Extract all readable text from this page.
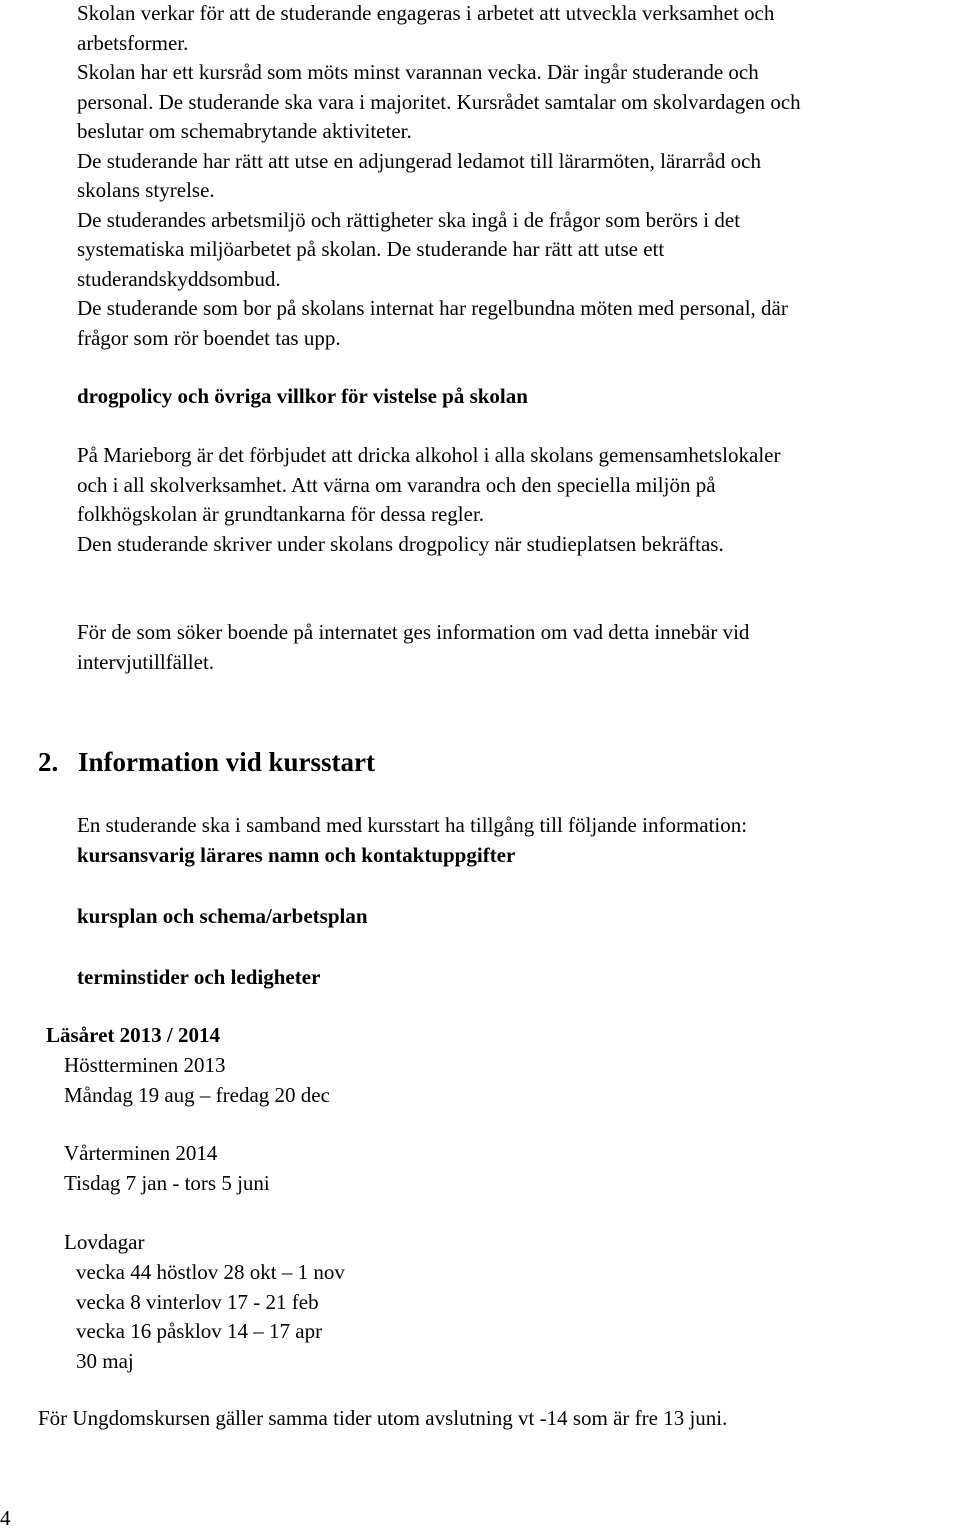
Skolan verkar för att de studerande engageras i arbetet att utveckla verksamhet och
arbetsformer.

Skolan har ett kursråd som möts minst varannan vecka. Där ingår studerande och
personal. De studerande ska vara i majoritet. Kursrådet samtalar om skolvardagen och
beslutar om schemabrytande aktiviteter.

De studerande har rätt att utse en adjungerad ledamot till lärarmöten, lärarråd och
skolans styrelse.

De studerandes arbetsmiljö och rättigheter ska ingå i de frågor som berörs i det
systematiska miljöarbetet på skolan. De studerande har rätt att utse ett
studerandskyddsombud.

De studerande som bor på skolans internat har regelbundna möten med personal, där
frågor som rör boendet tas upp.

drogpolicy och övriga villkor för vistelse på skolan
På Marieborg är det förbjudet att dricka alkohol i alla skolans gemensamhetslokaler
och i all skolverksamhet. Att värna om varandra och den speciella miljön på
folkhögskolan är grundtankarna för dessa regler.
Den studerande skriver under skolans drogpolicy när studieplatsen bekräftas.
För de som söker boende på internatet ges information om vad detta innebär vid
intervjutillfället.
2. Information vid kursstart
En studerande ska i samband med kursstart ha tillgång till följande information:
kursansvarig lärares namn och kontaktuppgifter
kursplan och schema/arbetsplan
terminstider och ledigheter
Läsåret 2013 / 2014
Höstterminen 2013
Måndag 19 aug – fredag 20 dec
Vårterminen 2014
Tisdag 7 jan - tors 5 juni
Lovdagar
vecka 44 höstlov 28 okt – 1 nov
vecka 8 vinterlov 17 - 21 feb
vecka 16 påsklov 14 – 17 apr
30 maj
För Ungdomskursen gäller samma tider utom avslutning vt -14 som är fre 13 juni.
4
